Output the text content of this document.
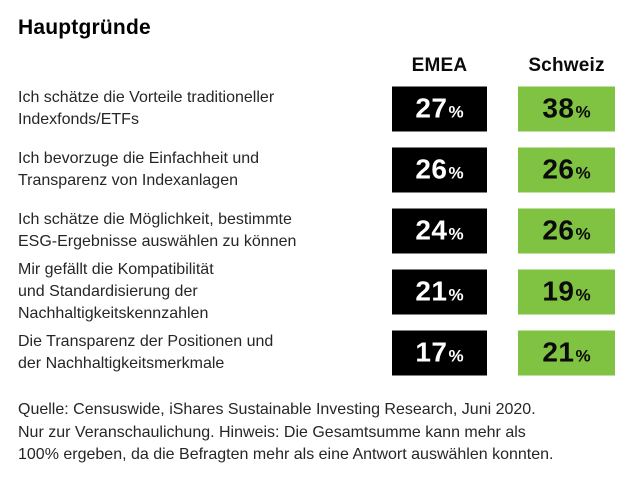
Hauptgründe
EMEA	Schweiz
Ich schätze die Vorteile traditioneller
Indexfonds/ETFs	27 %	38 %
Ich bevorzuge die Einfachheit und
Transparenz von Indexanlagen	26 %	26 %
Ich schätze die Möglichkeit, bestimmte
ESG-Ergebnisse auswählen zu können	24 %	26 %
Mir gefällt die Kompatibilität
und Standardisierung der
Nachhaltigkeitskennzahlen
21 %	19 %
Die Transparenz der Positionen und
der Nachhaltigkeitsmerkmale	17 %	21 %
Quelle: Censuswide, iShares Sustainable Investing Research, Juni 2020.
Nur zur Veranschaulichung. Hinweis: Die Gesamtsumme kann mehr als
100% ergeben, da die Befragten mehr als eine Antwort auswählen konnten.
